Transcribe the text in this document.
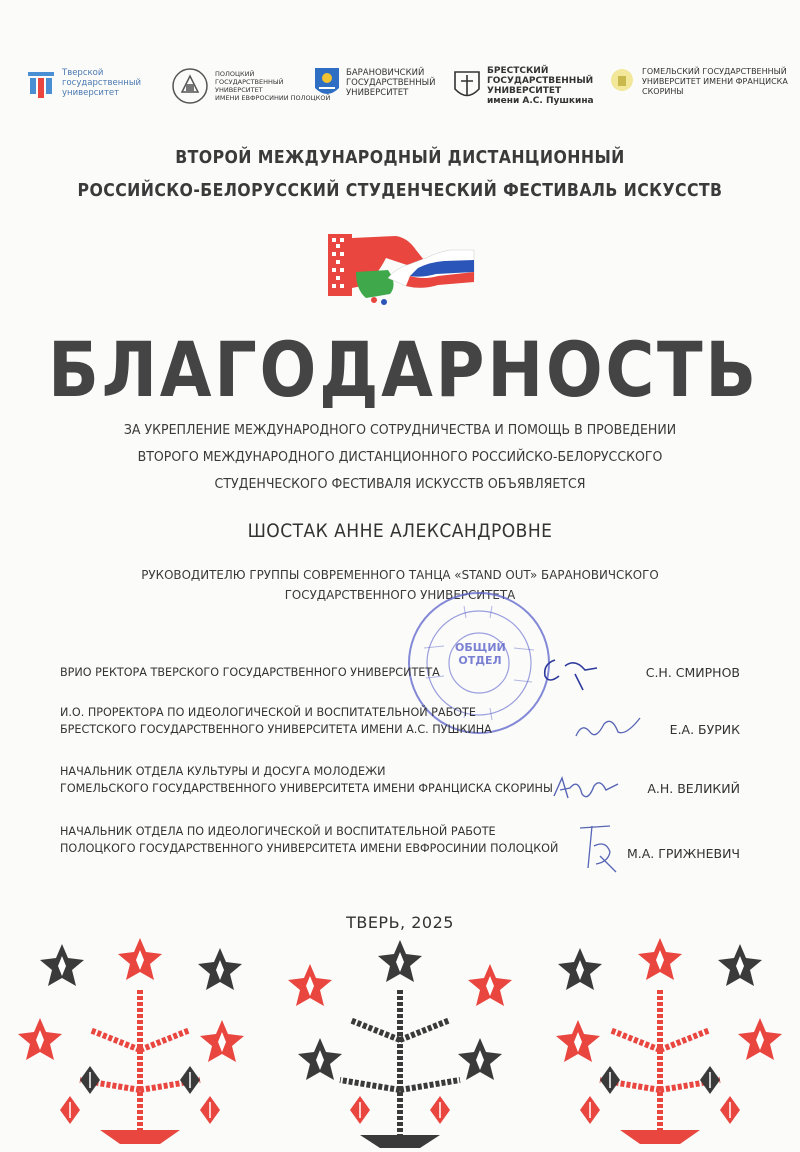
Тверской
государственный
университет
ПОЛОЦКИЙ
ГОСУДАРСТВЕННЫЙ
УНИВЕРСИТЕТ
ИМЕНИ ЕВФРОСИНИИ ПОЛОЦКОЙ
БАРАНОВИЧСКИЙ
ГОСУДАРСТВЕННЫЙ
УНИВЕРСИТЕТ
БРЕСТСКИЙ
ГОСУДАРСТВЕННЫЙ
УНИВЕРСИТЕТ
имени А.С. Пушкина
ГОМЕЛЬСКИЙ ГОСУДАРСТВЕННЫЙ
УНИВЕРСИТЕТ ИМЕНИ ФРАНЦИСКА
СКОРИНЫ
ВТОРОЙ МЕЖДУНАРОДНЫЙ ДИСТАНЦИОННЫЙ
РОССИЙСКО-БЕЛОРУССКИЙ СТУДЕНЧЕСКИЙ ФЕСТИВАЛЬ ИСКУССТВ
БЛАГОДАРНОСТЬ
ЗА УКРЕПЛЕНИЕ МЕЖДУНАРОДНОГО СОТРУДНИЧЕСТВА И ПОМОЩЬ В ПРОВЕДЕНИИ
ВТОРОГО МЕЖДУНАРОДНОГО ДИСТАНЦИОННОГО РОССИЙСКО-БЕЛОРУССКОГО
СТУДЕНЧЕСКОГО ФЕСТИВАЛЯ ИСКУССТВ ОБЪЯВЛЯЕТСЯ
ШОСТАК АННЕ АЛЕКСАНДРОВНЕ
РУКОВОДИТЕЛЮ ГРУППЫ СОВРЕМЕННОГО ТАНЦА «STAND OUT» БАРАНОВИЧСКОГО
ГОСУДАРСТВЕННОГО УНИВЕРСИТЕТА
ОБЩИЙ
ОТДЕЛ
ВРИО РЕКТОРА ТВЕРСКОГО ГОСУДАРСТВЕННОГО УНИВЕРСИТЕТА	С.Н. СМИРНОВ
И.О. ПРОРЕКТОРА ПО ИДЕОЛОГИЧЕСКОЙ И ВОСПИТАТЕЛЬНОЙ РАБОТЕ
БРЕСТСКОГО ГОСУДАРСТВЕННОГО УНИВЕРСИТЕТА ИМЕНИ А.С. ПУШКИНА	Е.А. БУРИК
НАЧАЛЬНИК ОТДЕЛА КУЛЬТУРЫ И ДОСУГА МОЛОДЕЖИ
ГОМЕЛЬСКОГО ГОСУДАРСТВЕННОГО УНИВЕРСИТЕТА ИМЕНИ ФРАНЦИСКА СКОРИНЫ	А.Н. ВЕЛИКИЙ
НАЧАЛЬНИК ОТДЕЛА ПО ИДЕОЛОГИЧЕСКОЙ И ВОСПИТАТЕЛЬНОЙ РАБОТЕ
ПОЛОЦКОГО ГОСУДАРСТВЕННОГО УНИВЕРСИТЕТА ИМЕНИ ЕВФРОСИНИИ ПОЛОЦКОЙ	М.А. ГРИЖНЕВИЧ
ТВЕРЬ, 2025
